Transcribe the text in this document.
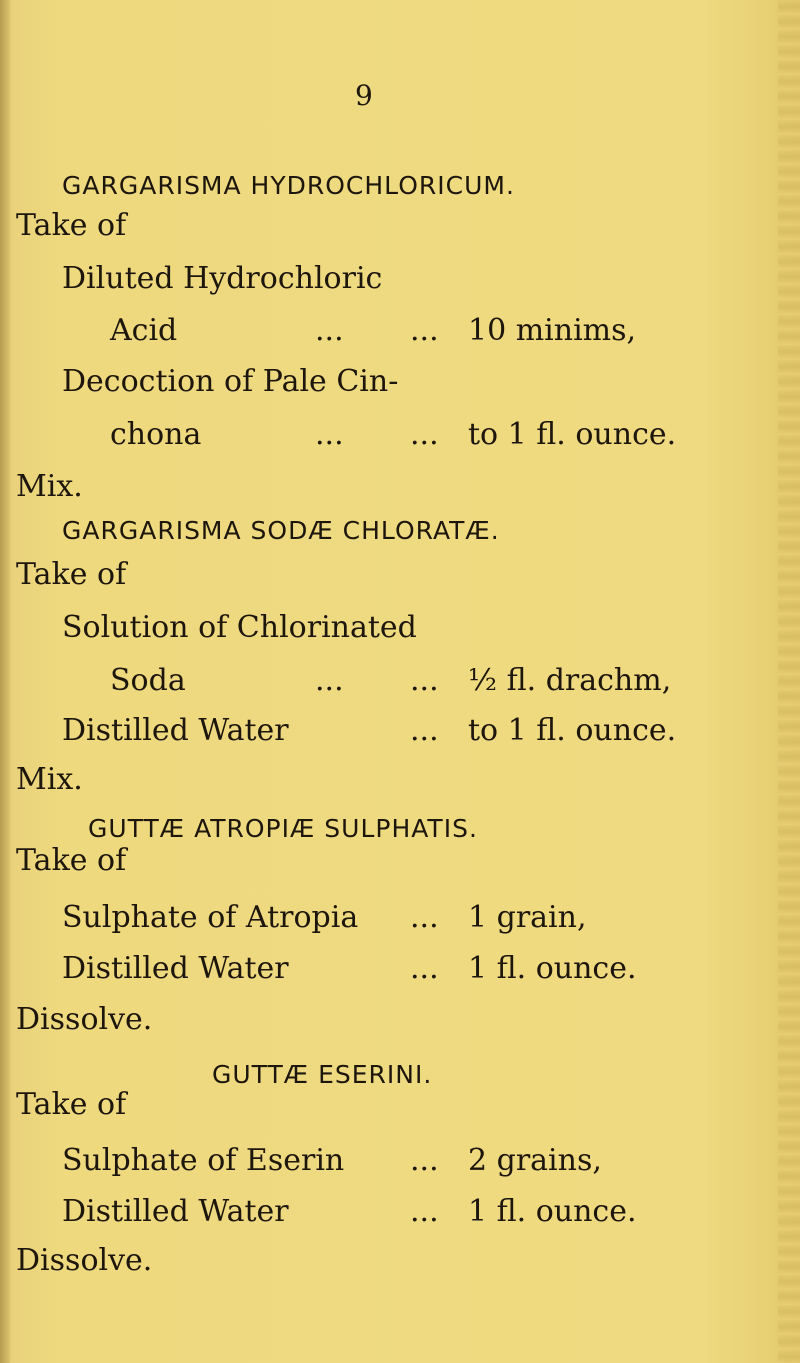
9
GARGARISMA HYDROCHLORICUM.
Take of
Diluted Hydrochloric
Acid	... ... 10 minims,
Decoction of Pale Cin-
chona	... ... to 1 fl. ounce.
Mix.
GARGARISMA SODÆ CHLORATÆ.
Take of
Solution of Chlorinated
Soda	... ... ½ fl. drachm,
Distilled Water	... to 1 fl. ounce.
Mix.
GUTTÆ ATROPIÆ SULPHATIS.
Take of
Sulphate of Atropia ... 1 grain,
Distilled Water	... 1 fl. ounce.
Dissolve.
GUTTÆ ESERINI.
Take of
Sulphate of Eserin ... 2 grains,
Distilled Water	... 1 fl. ounce.
Dissolve.
